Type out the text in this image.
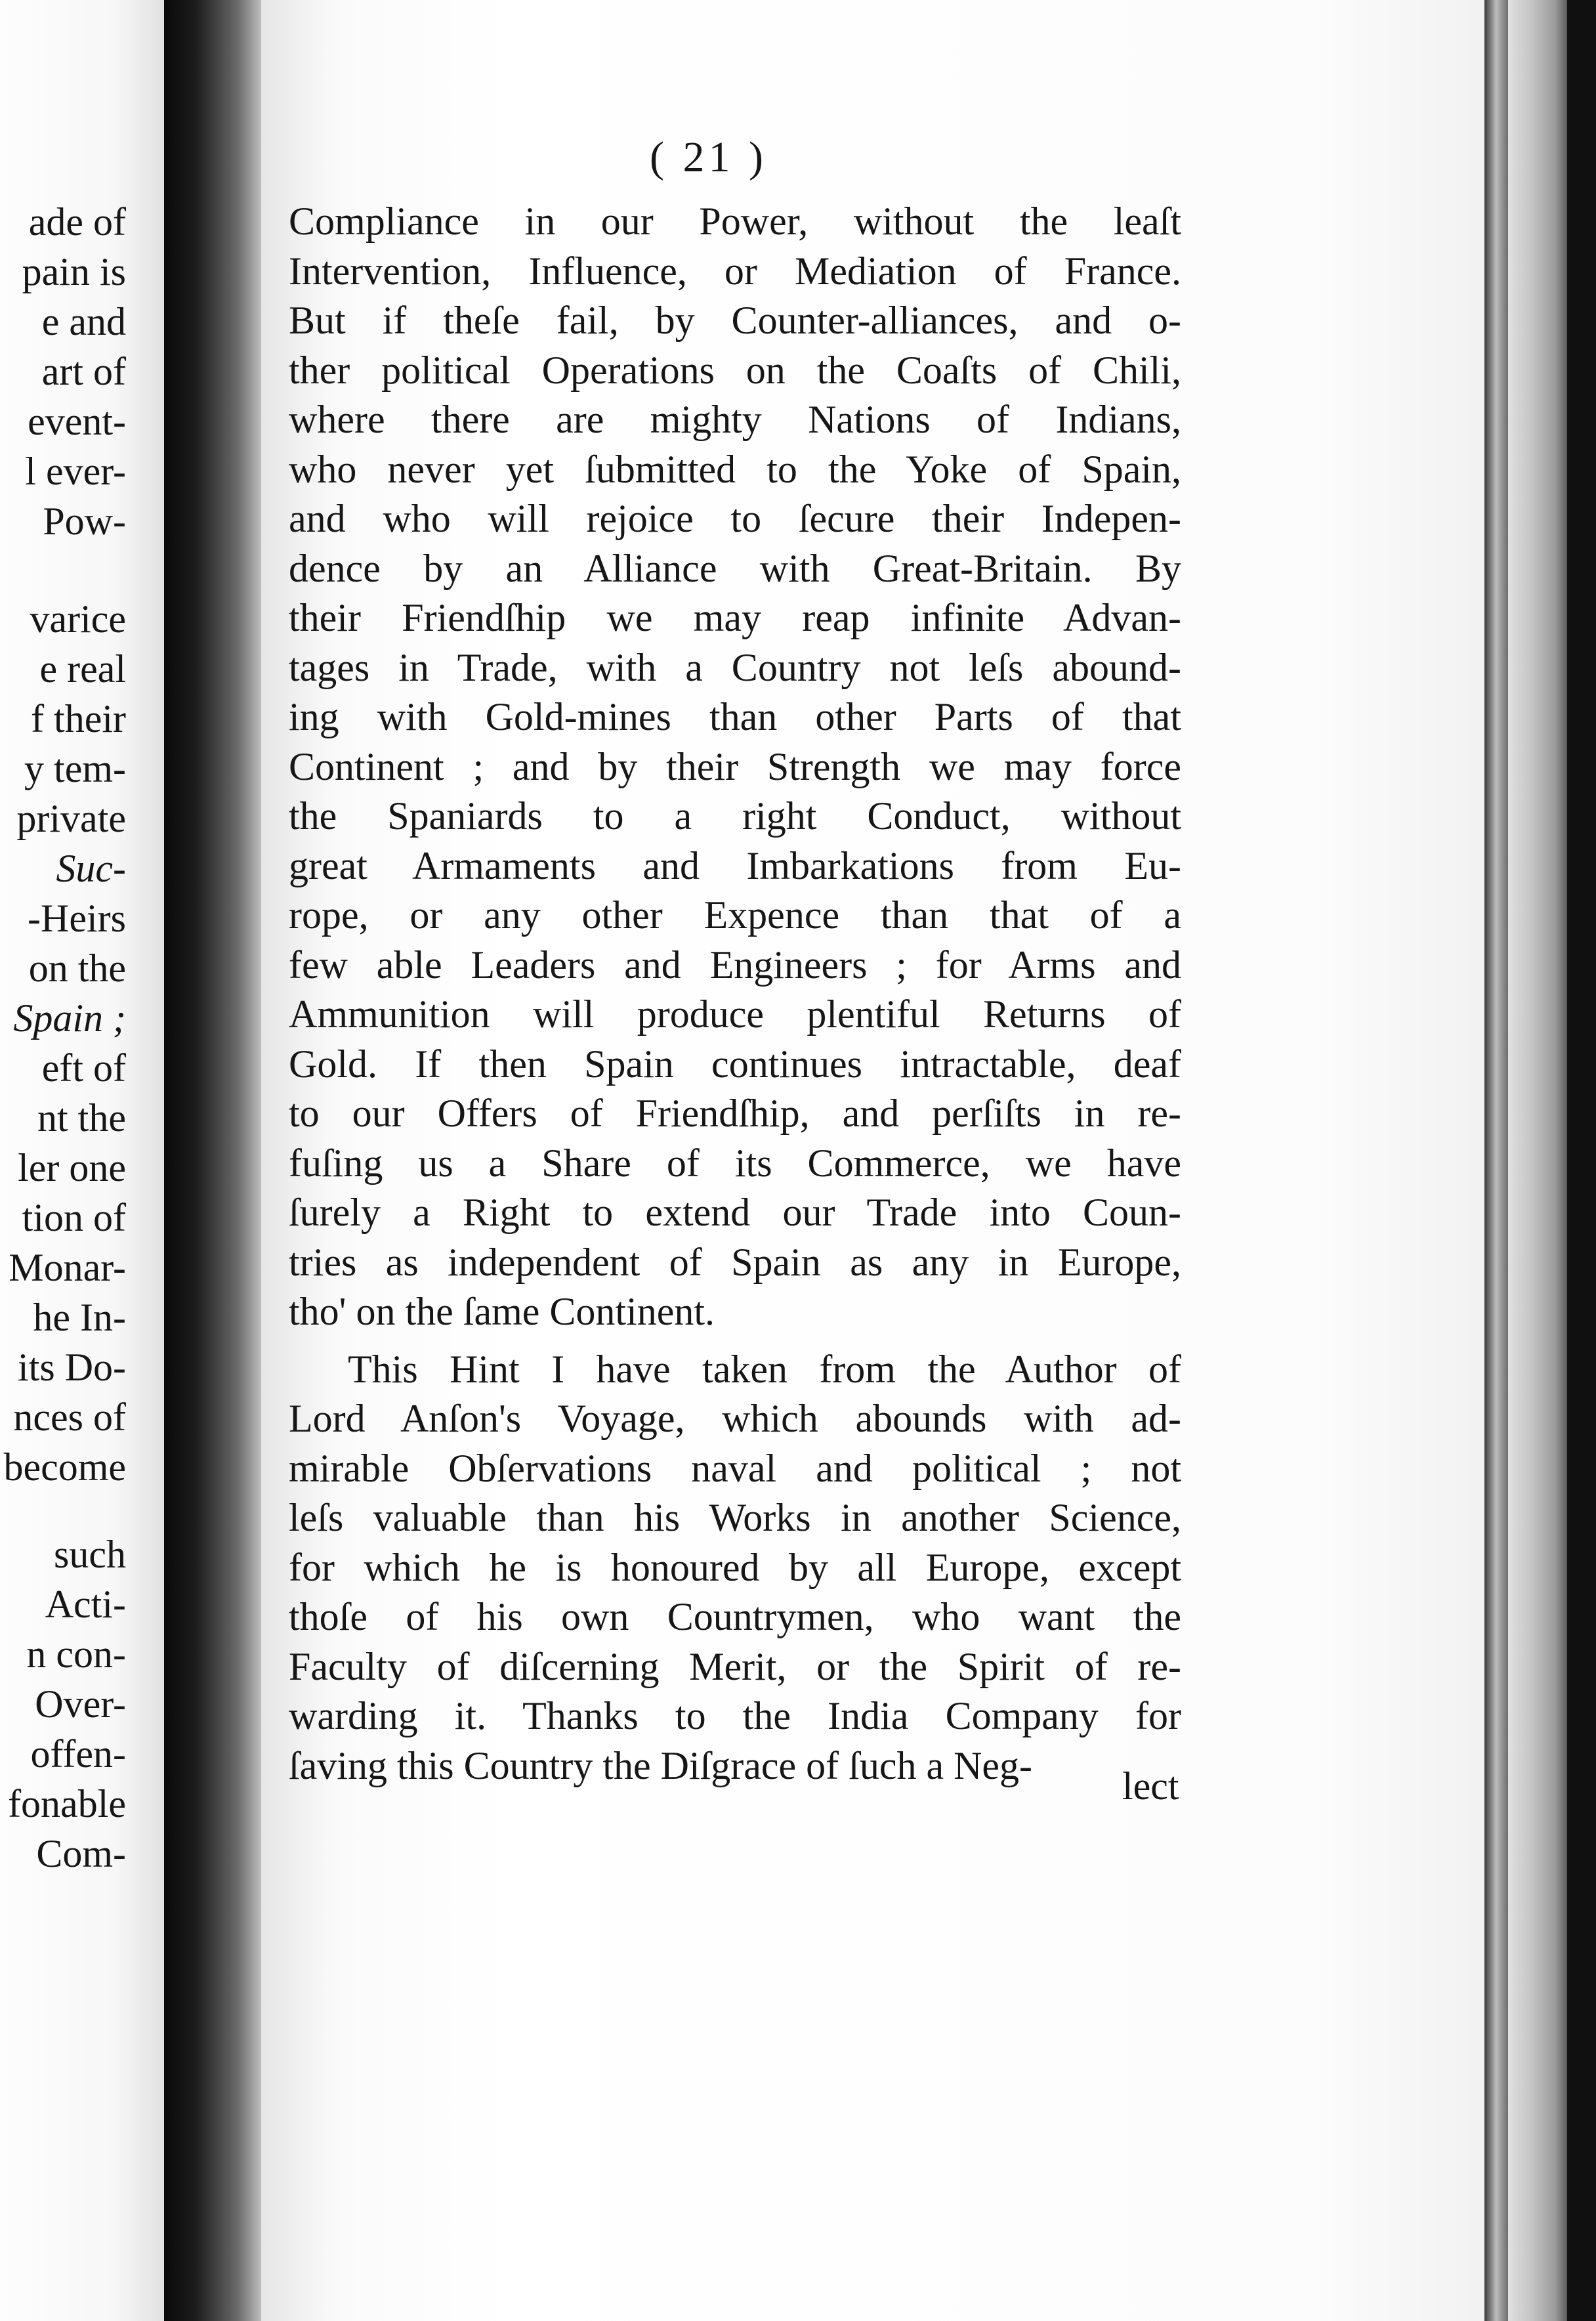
ade of
pain is
e and
art of
event-
l ever-
Pow-
varice
e real
f their
y tem-
private
Suc-
-Heirs
on the
Spain ;
eft of
nt the
ler one
tion of
Monar-
he In-
its Do-
nces of
become
such
Acti-
n con-
Over-
offen-
fonable
Com-
( 21 )
Compliance in our Power, without the leaſt
Intervention, Influence, or Mediation of France.
But if theſe fail, by Counter-alliances, and o-
ther political Operations on the Coaſts of Chili,
where there are mighty Nations of Indians,
who never yet ſubmitted to the Yoke of Spain,
and who will rejoice to ſecure their Indepen-
dence by an Alliance with Great-Britain. By
their Friendſhip we may reap infinite Advan-
tages in Trade, with a Country not leſs abound-
ing with Gold-mines than other Parts of that
Continent ; and by their Strength we may force
the Spaniards to a right Conduct, without
great Armaments and Imbarkations from Eu-
rope, or any other Expence than that of a
few able Leaders and Engineers ; for Arms and
Ammunition will produce plentiful Returns of
Gold. If then Spain continues intractable, deaf
to our Offers of Friendſhip, and perſiſts in re-
fuſing us a Share of its Commerce, we have
ſurely a Right to extend our Trade into Coun-
tries as independent of Spain as any in Europe,
tho' on the ſame Continent.
This Hint I have taken from the Author of
Lord Anſon's Voyage, which abounds with ad-
mirable Obſervations naval and political ; not
leſs valuable than his Works in another Science,
for which he is honoured by all Europe, except
thoſe of his own Countrymen, who want the
Faculty of diſcerning Merit, or the Spirit of re-
warding it. Thanks to the India Company for
ſaving this Country the Diſgrace of ſuch a Neg-	lect
